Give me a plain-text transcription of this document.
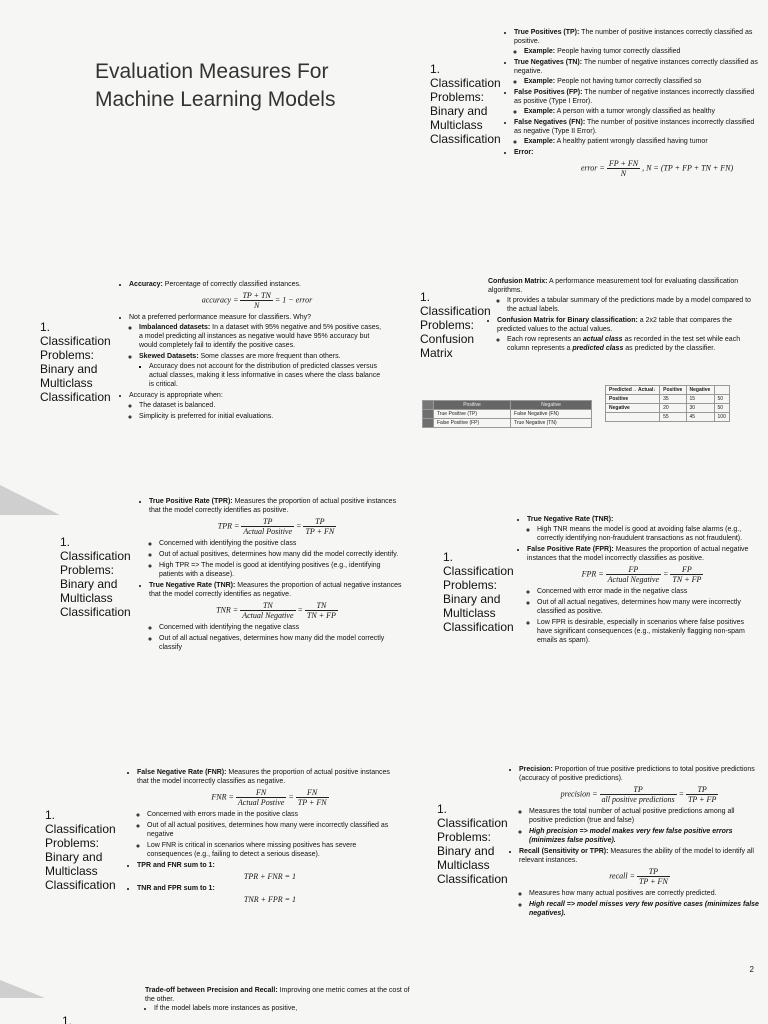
Evaluation Measures For
Machine Learning Models
1.
Classification
Problems:
Binary and
Multiclass
Classification
• True Positives (TP): The number of positive instances correctly classified as positive.
◦ Example: People having tumor correctly classified
• True Negatives (TN): The number of negative instances correctly classified as negative.
◦ Example: People not having tumor correctly classified so
• False Positives (FP): The number of negative instances incorrectly classified as positive (Type I Error).
◦ Example: A person with a tumor wrongly classified as healthy
• False Negatives (FN): The number of positive instances incorrectly classified as negative (Type II Error).
◦ Example: A healthy patient wrongly classified having tumor
• Error:
error = $\frac{FP + FN}{N}$ , N = (TP + FP + TN + FN)
1.
Classification
Problems:
Binary and
Multiclass
Classification
• Accuracy: Percentage of correctly classified instances.
accuracy = $\frac{TP + TN}{N} = 1$ − error
• Not a preferred performance measure for classifiers. Why?
◦ Imbalanced datasets: In a dataset with 95% negative and 5% positive cases, a model predicting all instances as negative would have 95% accuracy but would completely fail to identify the positive cases.
◦ Skewed Datasets: Some classes are more frequent than others.
▪ Accuracy does not account for the distribution of predicted classes versus actual classes, making it less informative in cases where the class balance is critical.
• Accuracy is appropriate when:
◦ The dataset is balanced.
◦ Simplicity is preferred for initial evaluations.
1.
Classification
Problems:
Confusion
Matrix
Confusion Matrix: A performance measurement tool for evaluating classification algorithms.
◦ It provides a tabular summary of the predictions made by a model compared to the actual labels.
• Confusion Matrix for Binary classification: a 2x2 table that compares the predicted values to the actual values.
◦ Each row represents an actual class as recorded in the test set while each column represents a predicted class as predicted by the classifier.
	Positive	Negative
	True Positive (TP)	False Negative (FN)
	False Positive (FP)	True Negative (TN)
Predicted→ Actual↓	Positive	Negative	
Positive	35	15	50
Negative	20	30	50
	55	45	100
1.
Classification
Problems:
Binary and
Multiclass
Classification
• True Positive Rate (TPR): Measures the proportion of actual positive instances that the model correctly identifies as positive.
TPR = $\frac{TP}{\text{Actual Positive}} = \frac{TP}{TP + FN}$
◦ Concerned with identifying the positive class
◦ Out of actual positives, determines how many did the model correctly identify.
◦ High TPR => The model is good at identifying positives (e.g., identifying patients with a disease).
• True Negative Rate (TNR): Measures the proportion of actual negative instances that the model correctly identifies as negative.
TNR = $\frac{TN}{\text{Actual Negative}} = \frac{TN}{TN + FP}$
◦ Concerned with identifying the negative class
◦ Out of all actual negatives, determines how many did the model correctly classify
1.
Classification
Problems:
Binary and
Multiclass
Classification
• True Negative Rate (TNR):
◦ High TNR means the model is good at avoiding false alarms (e.g., correctly identifying non-fraudulent transactions as not fraudulent).
• False Positive Rate (FPR): Measures the proportion of actual negative instances that the model incorrectly classifies as positive.
FPR = $\frac{FP}{\text{Actual Negative}} = \frac{FP}{TN + FP}$
◦ Concerned with error made in the negative class
◦ Out of all actual negatives, determines how many were incorrectly classified as positive.
◦ Low FPR is desirable, especially in scenarios where false positives have significant consequences (e.g., mistakenly flagging non-spam emails as spam).
1.
Classification
Problems:
Binary and
Multiclass
Classification
• False Negative Rate (FNR): Measures the proportion of actual positive instances that the model incorrectly classifies as negative.
FNR = $\frac{FN}{\text{Actual Postive}} = \frac{FN}{TP + FN}$
◦ Concerned with errors made in the positive class
◦ Out of all actual positives, determines how many were incorrectly classified as negative
◦ Low FNR is critical in scenarios where missing positives has severe consequences (e.g., failing to detect a serious disease).
• TPR and FNR sum to 1:
TPR + FNR = 1
• TNR and FPR sum to 1:
TNR + FPR = 1
1.
Classification
Problems:
Binary and
Multiclass
Classification
• Precision: Proportion of true positive predictions to total positive predictions (accuracy of positive predictions).
precision = $\frac{TP}{\text{all positive predictions}} = \frac{TP}{TP + FP}$
◦ Measures the total number of actual positive predictions among all positive prediction (true and false)
◦ High precision => model makes very few false positive errors (minimizes false positive).
• Recall (Sensitivity or TPR): Measures the ability of the model to identify all relevant instances.
recall = $\frac{TP}{TP + FN}$
◦ Measures how many actual positives are correctly predicted.
◦ High recall => model misses very few positive cases (minimizes false negatives).
2
1.
Trade-off between Precision and Recall: Improving one metric comes at the cost of the other.
• If the model labels more instances as positive,
